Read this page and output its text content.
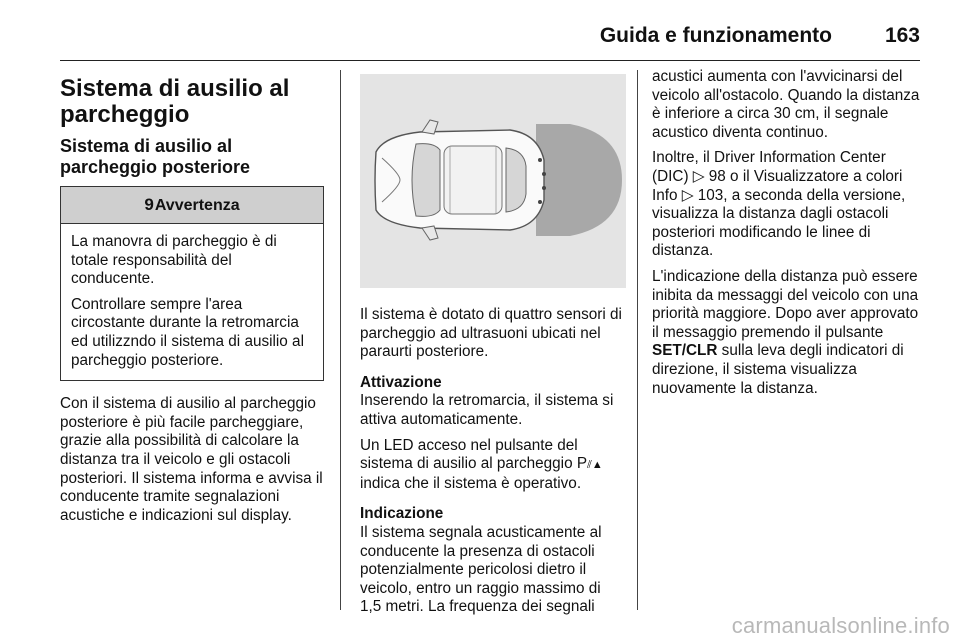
Guida e funzionamento	163
Sistema di ausilio al parcheggio
Sistema di ausilio al parcheggio posteriore
9Avvertenza

La manovra di parcheggio è di totale responsabilità del conducente.

Controllare sempre l'area circostante durante la retromarcia ed utilizzndo il sistema di ausilio al parcheggio posteriore.

Con il sistema di ausilio al parcheggio posteriore è più facile parcheggiare, grazie alla possibilità di calcolare la distanza tra il veicolo e gli ostacoli posteriori. Il sistema informa e avvisa il conducente tramite segnalazioni acustiche e indicazioni sul display.

Il sistema è dotato di quattro sensori di parcheggio ad ultrasuoni ubicati nel paraurti posteriore.

Attivazione

Inserendo la retromarcia, il sistema si attiva automaticamente.

Un LED acceso nel pulsante del sistema di ausilio al parcheggio P⫽▲ indica che il sistema è operativo.

Indicazione

Il sistema segnala acusticamente al conducente la presenza di ostacoli potenzialmente pericolosi dietro il veicolo, entro un raggio massimo di 1,5 metri. La frequenza dei segnali

acustici aumenta con l'avvicinarsi del veicolo all'ostacolo. Quando la distanza è inferiore a circa 30 cm, il segnale acustico diventa continuo.

Inoltre, il Driver Information Center (DIC) ▷ 98 o il Visualizzatore a colori Info ▷ 103, a seconda della versione, visualizza la distanza dagli ostacoli posteriori modificando le linee di distanza.

L'indicazione della distanza può essere inibita da messaggi del veicolo con una priorità maggiore. Dopo aver approvato il messaggio premendo il pulsante SET/CLR sulla leva degli indicatori di direzione, il sistema visualizza nuovamente la distanza.

carmanualsonline.info
